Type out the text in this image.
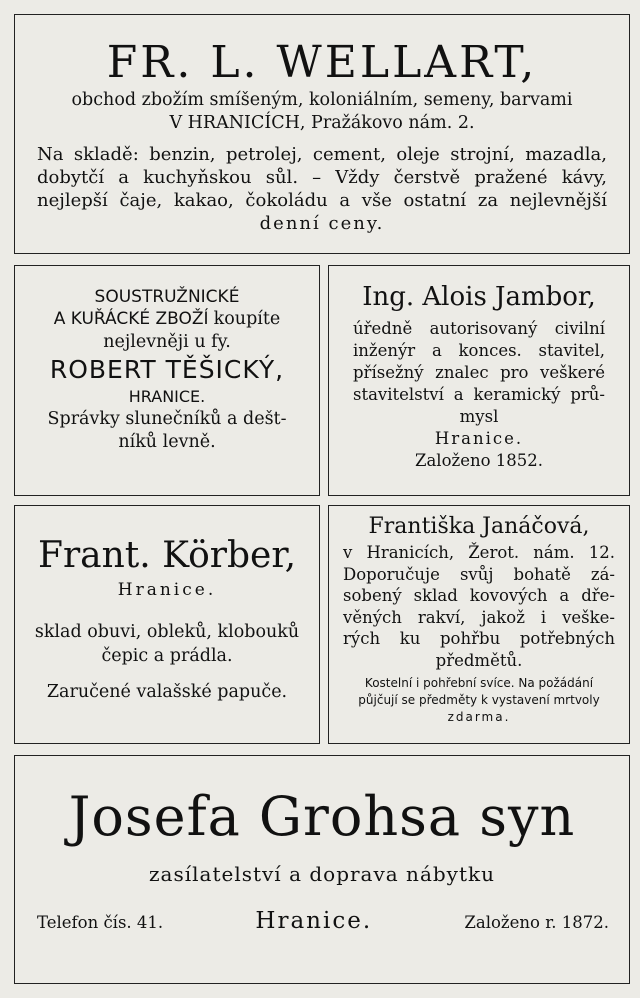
FR. L. WELLART,
obchod zbožím smíšeným, koloniálním, semeny, barvami
V HRANICÍCH, Pražákovo nám. 2.
Na skladě: benzin, petrolej, cement, oleje strojní, mazadla,
dobytčí a kuchyňskou sůl. – Vždy čerstvě pražené kávy,
nejlepší čaje, kakao, čokoládu a vše ostatní za nejlevnější
denní ceny.
SOUSTRUŽNICKÉ
A KUŘÁCKÉ ZBOŽÍ koupíte
nejlevněji u fy.
ROBERT TĚŠICKÝ,
HRANICE.
Správky slunečníků a dešt-
níků levně.
Ing. Alois Jambor,
úředně autorisovaný civilní
inženýr a konces. stavitel,
přísežný znalec pro veškeré
stavitelství a keramický prů-
mysl
Hranice.
Založeno 1852.
Frant. Körber,
Hranice.
sklad obuvi, obleků, klobouků
čepic a prádla.
Zaručené valašské papuče.
Františka Janáčová,
v Hranicích, Žerot. nám. 12.
Doporučuje svůj bohatě zá-
sobený sklad kovových a dře-
věných rakví, jakož i veške-
rých ku pohřbu potřebných
předmětů.
Kostelní i pohřební svíce. Na požádání
půjčují se předměty k vystavení mrtvoly
zdarma.
Josefa Grohsa syn
zasílatelství a doprava nábytku
Telefon čís. 41.	Hranice.	Založeno r. 1872.
